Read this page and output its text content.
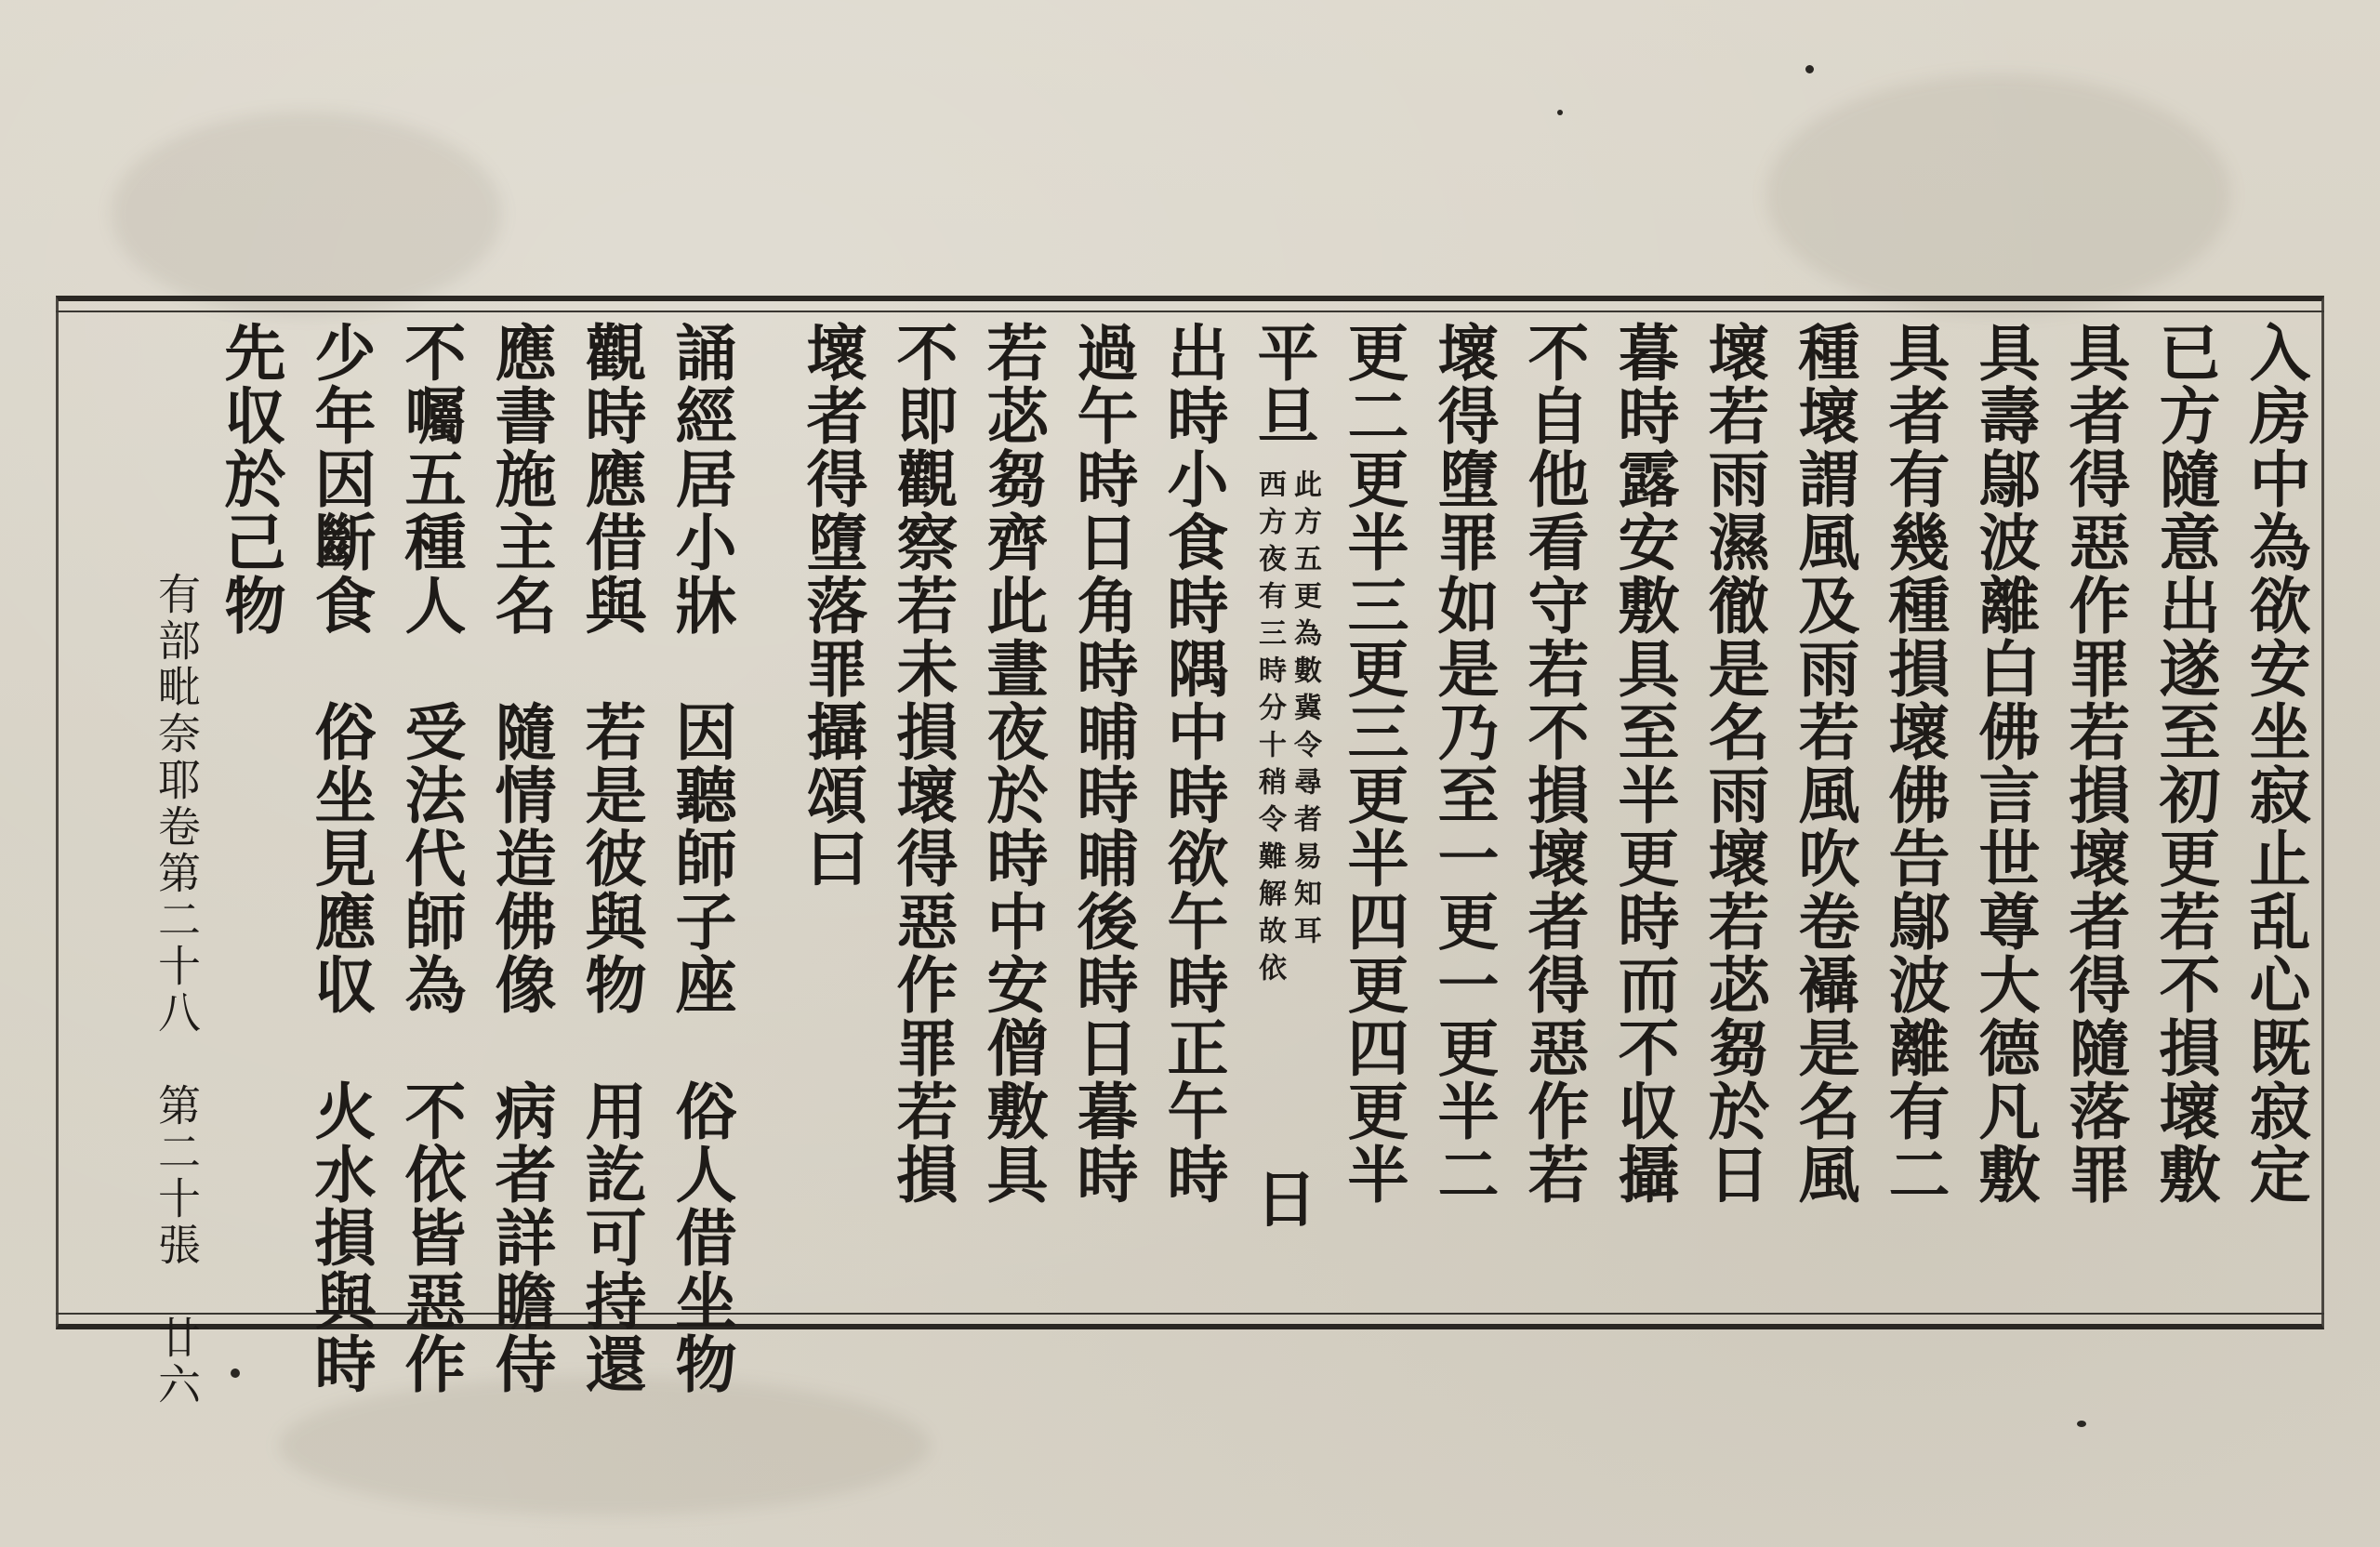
入房中為欲安坐寂止乱心既寂定
已方隨意出遂至初更若不損壞敷
具者得惡作罪若損壞者得隨落罪
具壽鄔波離白佛言世尊大德凡敷
具者有幾種損壞佛告鄔波離有二
種壞謂風及雨若風吹卷襵是名風
壞若雨濕徹是名雨壞若苾芻於日
暮時露安敷具至半更時而不収攝
不自他看守若不損壞者得惡作若
壞得墮罪如是乃至一更一更半二
更二更半三更三更半四更四更半
平旦
西方夜有三時分十稍令難解故依 此方五更為數冀令尋者易知耳
日
出時小食時隅中時欲午時正午時
過午時日角時晡時晡後時日暮時
若苾芻齊此晝夜於時中安僧敷具
不即觀察若未損壞得惡作罪若損
壞者得墮落罪攝頌曰
誦經居小牀　因聽師子座　俗人借坐物
觀時應借與　若是彼與物　用訖可持還
應書施主名　隨情造佛像　病者詳瞻侍
不囑五種人　受法代師為　不依皆惡作
少年因斷食　俗坐見應収　火水損與時
先収於己物
有部毗奈耶卷第二十八　第二十張　廿六
